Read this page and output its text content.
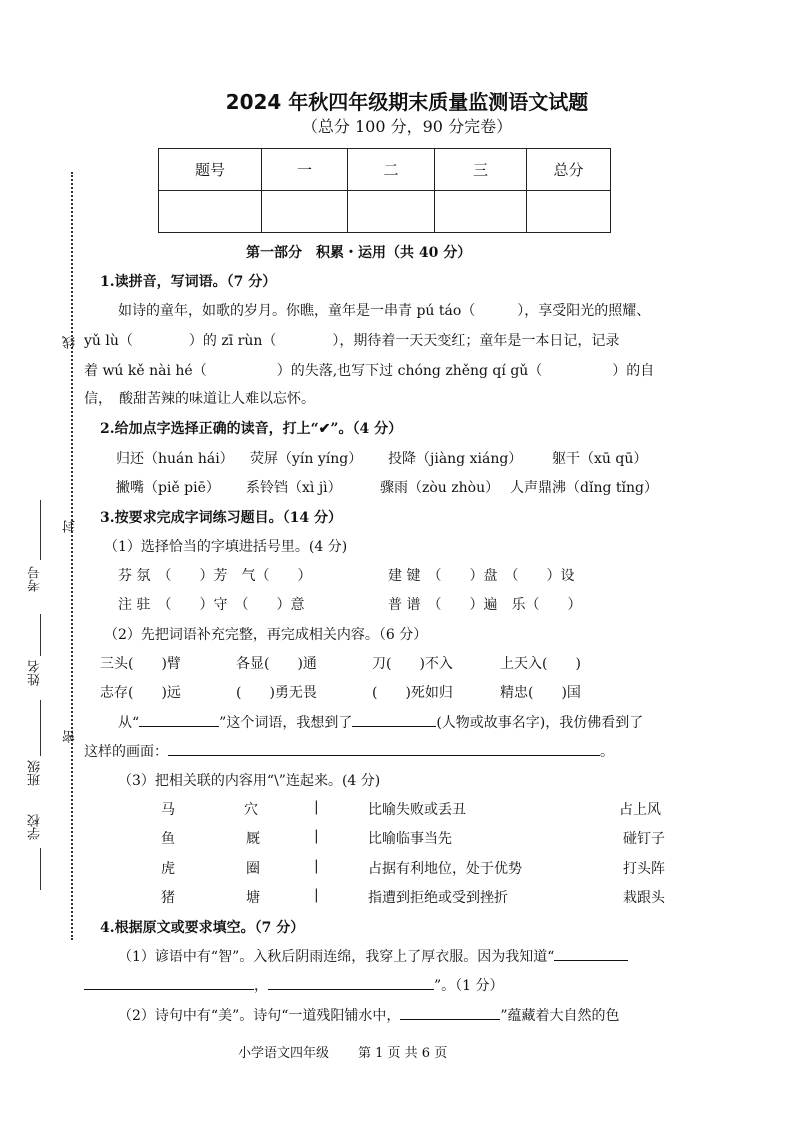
2024 年秋四年级期末质量监测语文试题
（总分 100 分，90 分完卷）
题号	一	二	三	总分

线
封
密
考号
姓名
班级
学校
第一部分　积累・运用（共 40 分）
1.读拼音，写词语。（7 分）
如诗的童年，如歌的岁月。你瞧，童年是一串青 pú táo（　　　），享受阳光的照耀、
yǔ lù（　　　　）的 zī rùn（　　　　），期待着一天天变红；童年是一本日记，记录
着 wú kě nài hé（　　　　　）的失落,也写下过 chóng zhěng qí gǔ（　　　　　）的自
信，　酸甜苦辣的味道让人难以忘怀。
2.给加点字选择正确的读音，打上“✔”。（4 分）
归还（huán hái） 荧屏（yín yíng） 投降（jiàng xiáng） 躯干（xū qū）
撇嘴（piě piē） 系铃铛（xì jì）	骤雨（zòu zhòu） 人声鼎沸（dǐng tǐng）
3.按要求完成字词练习题目。（14 分）
（1）选择恰当的字填进括号里。(4 分)
芬 氛　（　　）芳　气（　　）	建 键　（　　）盘　（　　）设
注 驻　（　　）守　（　　）意	普 谱　（　　）遍　乐（　　）
（2）先把词语补充完整，再完成相关内容。（6 分）
三头(　　)臂	各显(　　)通	刀(　　)不入	上天入(　　)
志存(　　)远	(　　)勇无畏	(　　)死如归	精忠(　　)国
从“	”这个词语，我想到了	(人物或故事名字)，我仿佛看到了
这样的画面：	。
（3）把相关联的内容用“\”连起来。(4 分)
马	穴	|	比喻失败或丢丑	占上风
鱼	厩	|	比喻临事当先	碰钉子
虎	圈	|	占据有利地位，处于优势	打头阵
猪	塘	|	指遭到拒绝或受到挫折	栽跟头
4.根据原文或要求填空。（7 分）
（1）谚语中有“智”。入秋后阴雨连绵，我穿上了厚衣服。因为我知道“
，	”。（1 分）
（2）诗句中有“美”。诗句“一道残阳铺水中，	”蕴藏着大自然的色
小学语文四年级 第 1 页 共 6 页
